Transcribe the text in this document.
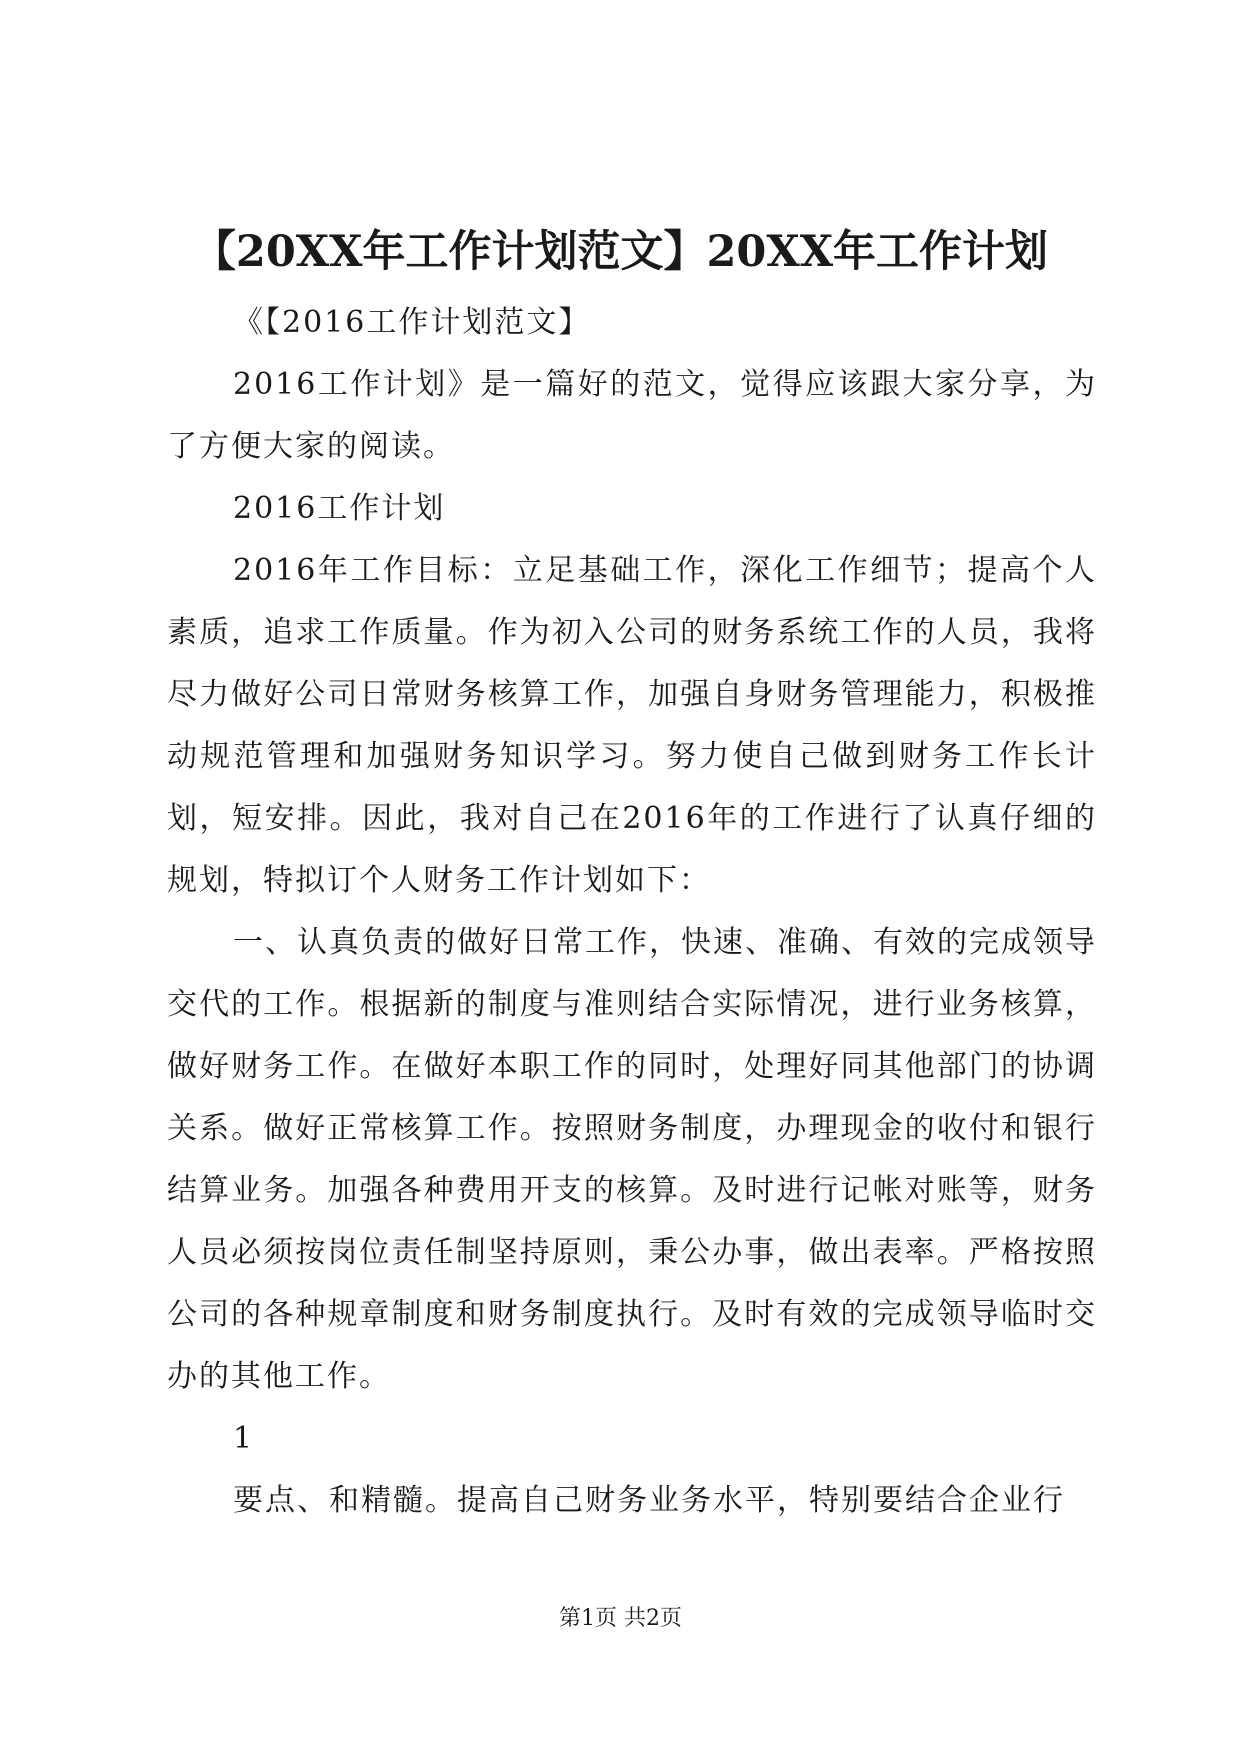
【20XX年工作计划范文】20XX年工作计划

《【2016工作计划范文】

2016工作计划》是一篇好的范文，觉得应该跟大家分享，为了方便大家的阅读。

2016工作计划

2016年工作目标：立足基础工作，深化工作细节；提高个人素质，追求工作质量。作为初入公司的财务系统工作的人员，我将尽力做好公司日常财务核算工作，加强自身财务管理能力，积极推动规范管理和加强财务知识学习。努力使自己做到财务工作长计划，短安排。因此，我对自己在2016年的工作进行了认真仔细的规划，特拟订个人财务工作计划如下：

一、认真负责的做好日常工作，快速、准确、有效的完成领导交代的工作。根据新的制度与准则结合实际情况，进行业务核算，做好财务工作。在做好本职工作的同时，处理好同其他部门的协调关系。做好正常核算工作。按照财务制度，办理现金的收付和银行结算业务。加强各种费用开支的核算。及时进行记帐对账等，财务人员必须按岗位责任制坚持原则，秉公办事，做出表率。严格按照公司的各种规章制度和财务制度执行。及时有效的完成领导临时交办的其他工作。

1

要点、和精髓。提高自己财务业务水平，特别要结合企业行

第1页 共2页
